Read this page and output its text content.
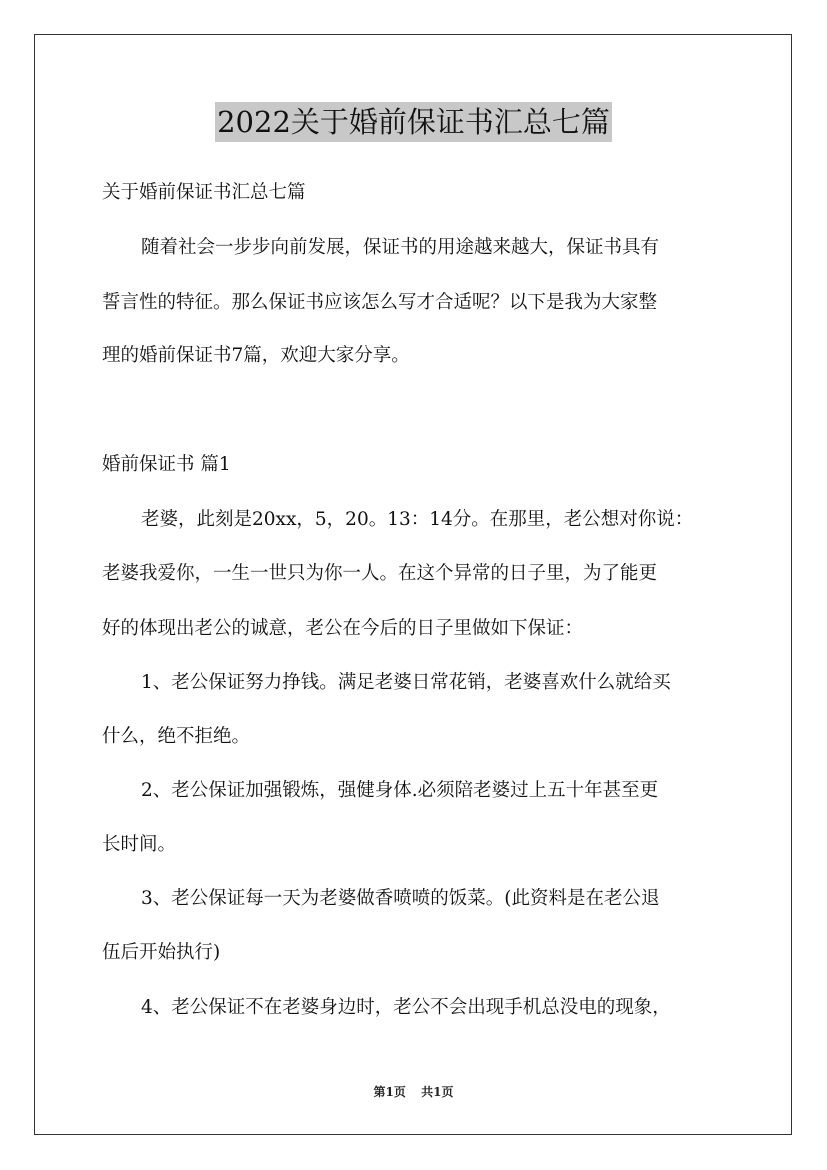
2022关于婚前保证书汇总七篇
关于婚前保证书汇总七篇
随着社会一步步向前发展，保证书的用途越来越大，保证书具有
誓言性的特征。那么保证书应该怎么写才合适呢？以下是我为大家整
理的婚前保证书7篇，欢迎大家分享。
婚前保证书 篇1
老婆，此刻是20xx，5，20。13：14分。在那里，老公想对你说：
老婆我爱你，一生一世只为你一人。在这个异常的日子里，为了能更
好的体现出老公的诚意，老公在今后的日子里做如下保证：
1、老公保证努力挣钱。满足老婆日常花销，老婆喜欢什么就给买
什么，绝不拒绝。
2、老公保证加强锻炼，强健身体.必须陪老婆过上五十年甚至更
长时间。
3、老公保证每一天为老婆做香喷喷的饭菜。(此资料是在老公退
伍后开始执行)
4、老公保证不在老婆身边时，老公不会出现手机总没电的现象，
第1页 共1页
